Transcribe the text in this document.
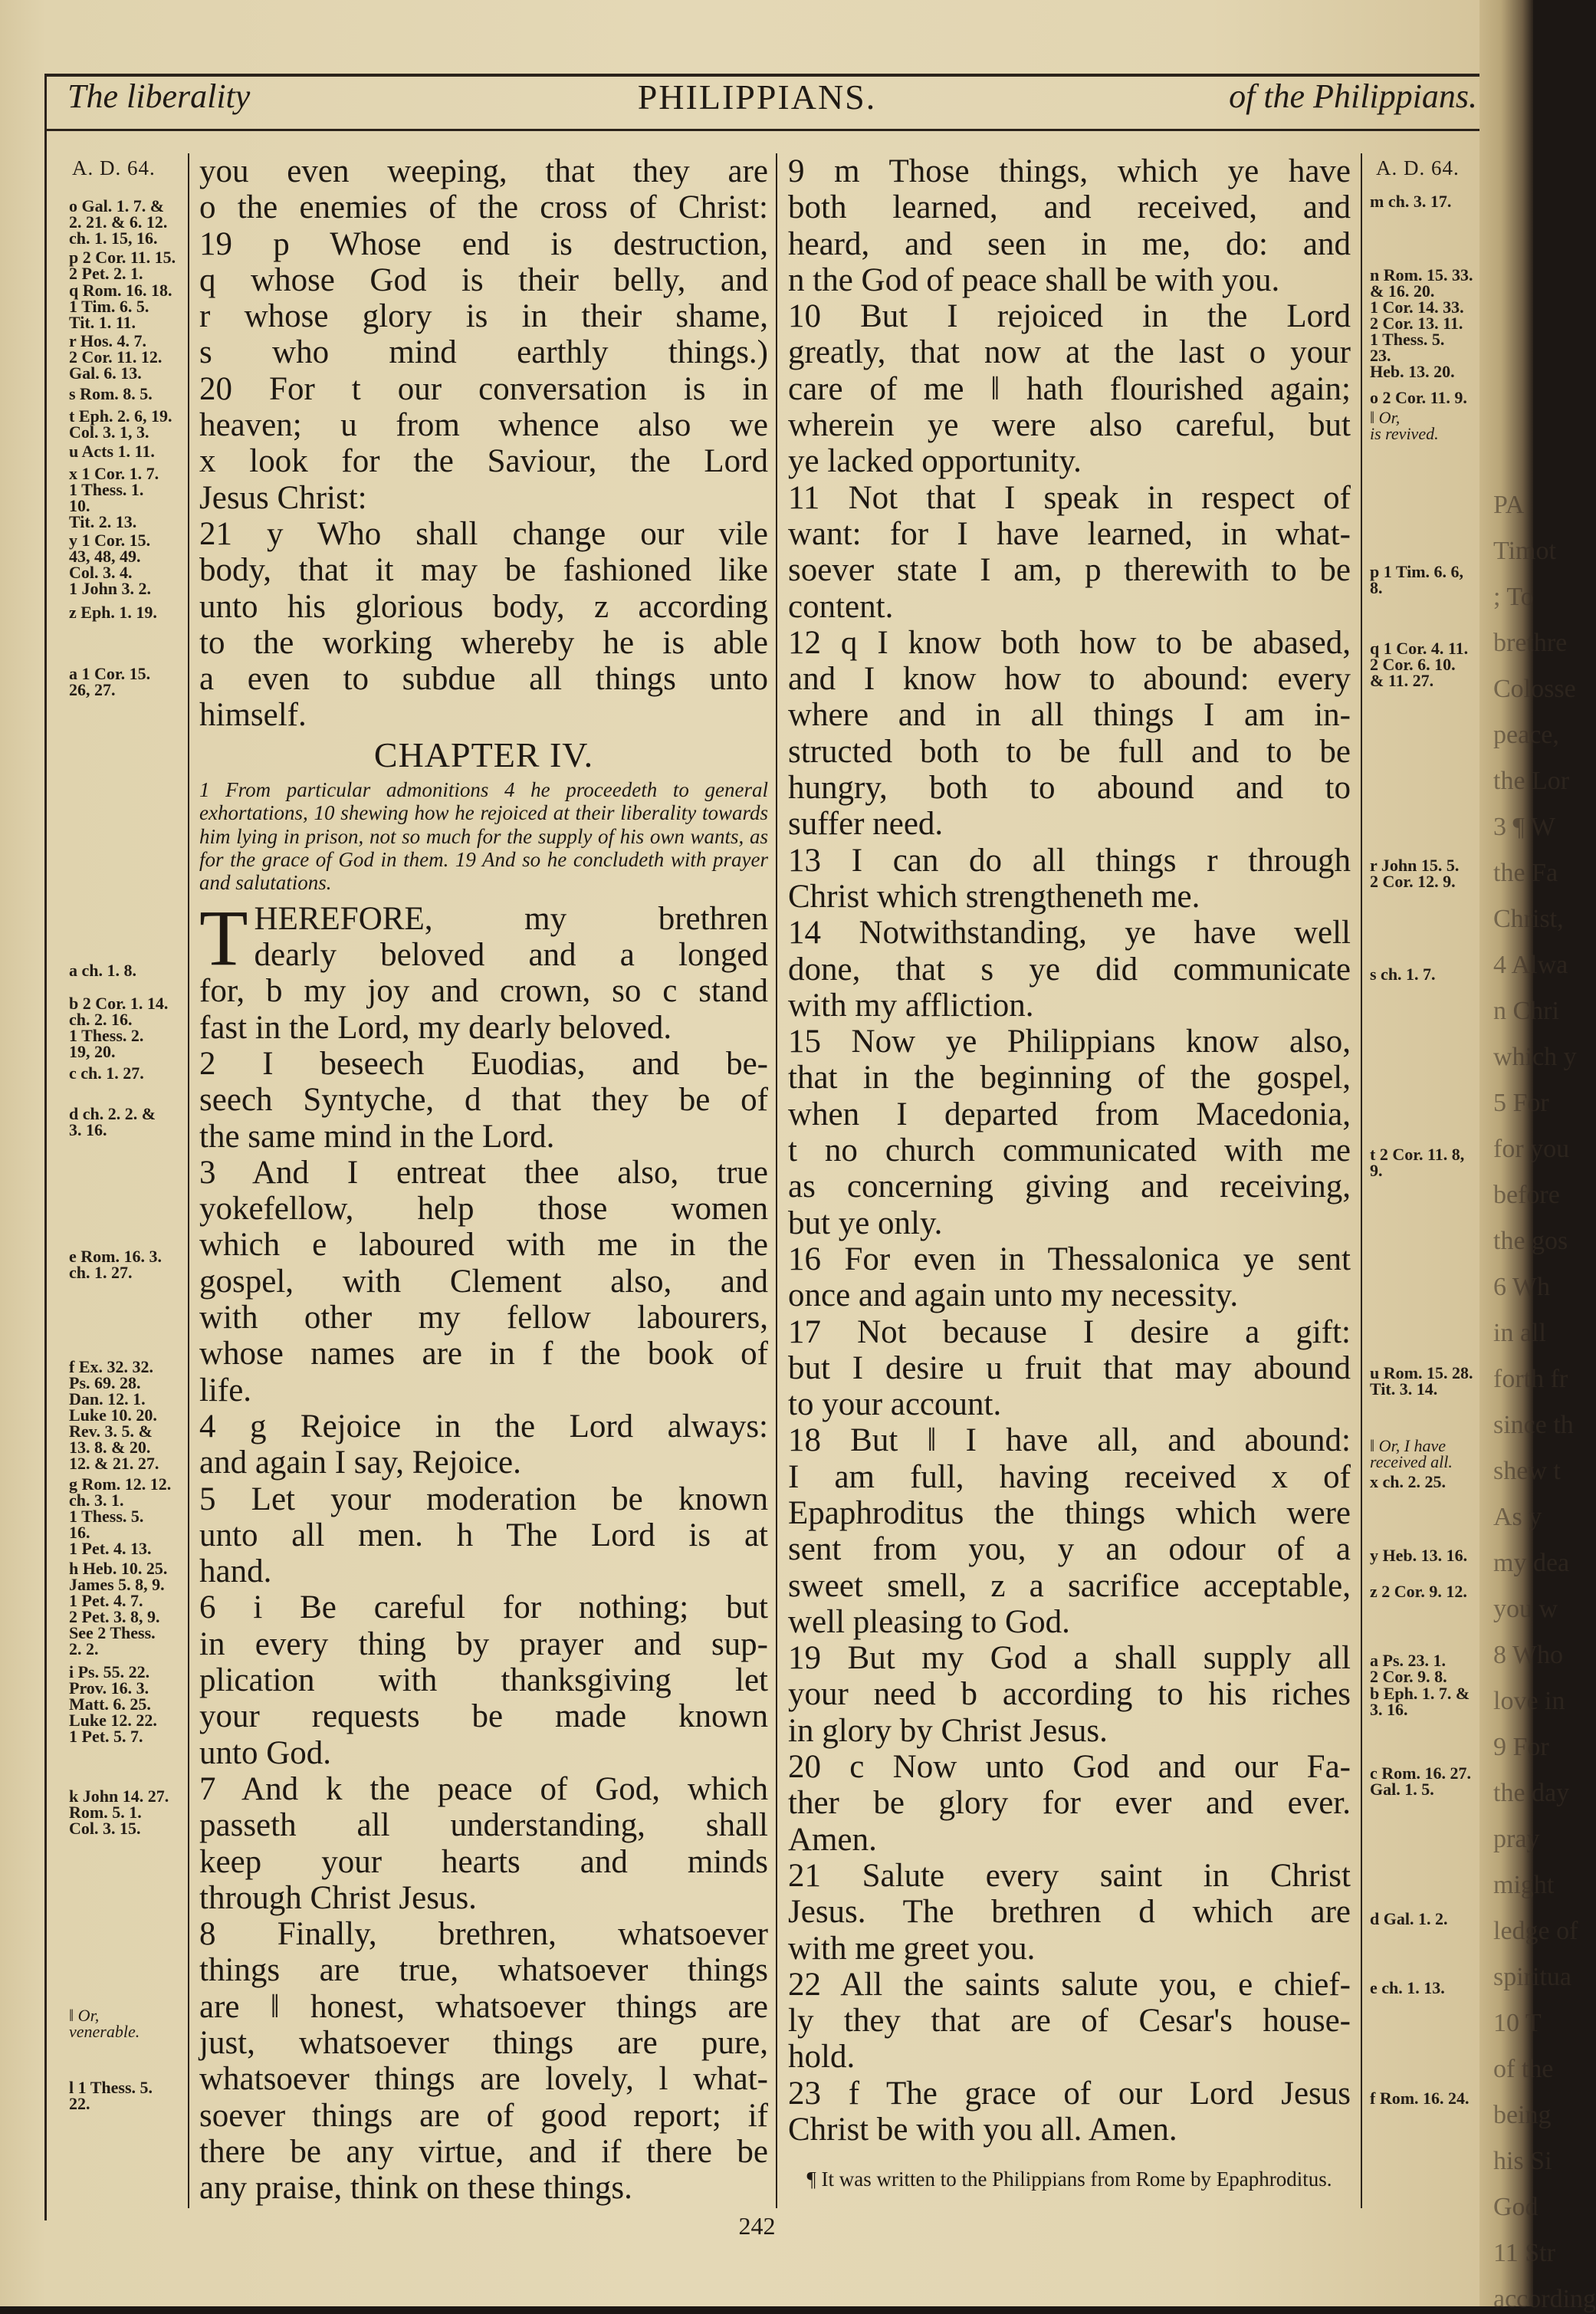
The liberality	PHILIPPIANS.	of the Philippians.
A. D. 64.
o Gal. 1. 7. &
2. 21. & 6. 12.
ch. 1. 15, 16.
p 2 Cor. 11. 15.
2 Pet. 2. 1.
q Rom. 16. 18.
1 Tim. 6. 5.
Tit. 1. 11.
r Hos. 4. 7.
2 Cor. 11. 12.
Gal. 6. 13.
s Rom. 8. 5.
t Eph. 2. 6, 19.
Col. 3. 1, 3.
u Acts 1. 11.
x 1 Cor. 1. 7.
1 Thess. 1.
10.
Tit. 2. 13.
y 1 Cor. 15.
43, 48, 49.
Col. 3. 4.
1 John 3. 2.
z Eph. 1. 19.
a 1 Cor. 15.
26, 27.
a ch. 1. 8.
b 2 Cor. 1. 14.
ch. 2. 16.
1 Thess. 2.
19, 20.
c ch. 1. 27.
d ch. 2. 2. &
3. 16.
e Rom. 16. 3.
ch. 1. 27.
f Ex. 32. 32.
Ps. 69. 28.
Dan. 12. 1.
Luke 10. 20.
Rev. 3. 5. &
13. 8. & 20.
12. & 21. 27.
g Rom. 12. 12.
ch. 3. 1.
1 Thess. 5.
16.
1 Pet. 4. 13.
h Heb. 10. 25.
James 5. 8, 9.
1 Pet. 4. 7.
2 Pet. 3. 8, 9.
See 2 Thess.
2. 2.
i Ps. 55. 22.
Prov. 16. 3.
Matt. 6. 25.
Luke 12. 22.
1 Pet. 5. 7.
k John 14. 27.
Rom. 5. 1.
Col. 3. 15.
‖ Or,
venerable.
l 1 Thess. 5.
22.
you even weeping, that they are
o the enemies of the cross of Christ:
19 p Whose end is destruction,
q whose God is their belly, and
r whose glory is in their shame,
s who mind earthly things.)
20 For t our conversation is in
heaven; u from whence also we
x look for the Saviour, the Lord
Jesus Christ:
21 y Who shall change our vile
body, that it may be fashioned like
unto his glorious body, z according
to the working whereby he is able
a even to subdue all things unto
himself.
CHAPTER IV.
1 From particular admonitions 4 he proceedeth to general exhortations, 10 shewing how he rejoiced at their liberality towards him lying in prison, not so much for the supply of his own wants, as for the grace of God in them. 19 And so he concludeth with prayer and salutations.
T HEREFORE, my brethren
dearly beloved and a longed
for, b my joy and crown, so c stand
fast in the Lord, my dearly beloved.
2 I beseech Euodias, and be-
seech Syntyche, d that they be of
the same mind in the Lord.
3 And I entreat thee also, true
yokefellow, help those women
which e laboured with me in the
gospel, with Clement also, and
with other my fellow labourers,
whose names are in f the book of
life.
4 g Rejoice in the Lord always:
and again I say, Rejoice.
5 Let your moderation be known
unto all men. h The Lord is at
hand.
6 i Be careful for nothing; but
in every thing by prayer and sup-
plication with thanksgiving let
your requests be made known
unto God.
7 And k the peace of God, which
passeth all understanding, shall
keep your hearts and minds
through Christ Jesus.
8 Finally, brethren, whatsoever
things are true, whatsoever things
are ‖ honest, whatsoever things are
just, whatsoever things are pure,
whatsoever things are lovely, l what-
soever things are of good report; if
there be any virtue, and if there be
any praise, think on these things.
9 m Those things, which ye have
both learned, and received, and
heard, and seen in me, do: and
n the God of peace shall be with you.
10 But I rejoiced in the Lord
greatly, that now at the last o your
care of me ‖ hath flourished again;
wherein ye were also careful, but
ye lacked opportunity.
11 Not that I speak in respect of
want: for I have learned, in what-
soever state I am, p therewith to be
content.
12 q I know both how to be abased,
and I know how to abound: every
where and in all things I am in-
structed both to be full and to be
hungry, both to abound and to
suffer need.
13 I can do all things r through
Christ which strengtheneth me.
14 Notwithstanding, ye have well
done, that s ye did communicate
with my affliction.
15 Now ye Philippians know also,
that in the beginning of the gospel,
when I departed from Macedonia,
t no church communicated with me
as concerning giving and receiving,
but ye only.
16 For even in Thessalonica ye sent
once and again unto my necessity.
17 Not because I desire a gift:
but I desire u fruit that may abound
to your account.
18 But ‖ I have all, and abound:
I am full, having received x of
Epaphroditus the things which were
sent from you, y an odour of a
sweet smell, z a sacrifice acceptable,
well pleasing to God.
19 But my God a shall supply all
your need b according to his riches
in glory by Christ Jesus.
20 c Now unto God and our Fa-
ther be glory for ever and ever.
Amen.
21 Salute every saint in Christ
Jesus. The brethren d which are
with me greet you.
22 All the saints salute you, e chief-
ly they that are of Cesar's house-
hold.
23 f The grace of our Lord Jesus
Christ be with you all. Amen.
¶ It was written to the Philippians from Rome by Epaphroditus.
A. D. 64.
m ch. 3. 17.
n Rom. 15. 33.
& 16. 20.
1 Cor. 14. 33.
2 Cor. 13. 11.
1 Thess. 5.
23.
Heb. 13. 20.
o 2 Cor. 11. 9.
‖ Or,
is revived.
p 1 Tim. 6. 6,
8.
q 1 Cor. 4. 11.
2 Cor. 6. 10.
& 11. 27.
r John 15. 5.
2 Cor. 12. 9.
s ch. 1. 7.
t 2 Cor. 11. 8,
9.
u Rom. 15. 28.
Tit. 3. 14.
‖ Or, I have
received all.
x ch. 2. 25.
y Heb. 13. 16.
z 2 Cor. 9. 12.
a Ps. 23. 1.
2 Cor. 9. 8.
b Eph. 1. 7. &
3. 16.
c Rom. 16. 27.
Gal. 1. 5.
d Gal. 1. 2.
e ch. 1. 13.
f Rom. 16. 24.
242
PA
Timot
; To
brethre
Colosse
peace,
the Lor
3 ¶ W
the Fa
Christ,
4 Alwa
n Chri
which y
5 For
for you
before
the gos
6 Wh
in all
forth fr
since th
shew t
As y
my dea
you w
8 Who
love in
9 For
the day
pray
might
ledge of
spiritua
10 T
of the
being
his Si
God
11 Str
according
